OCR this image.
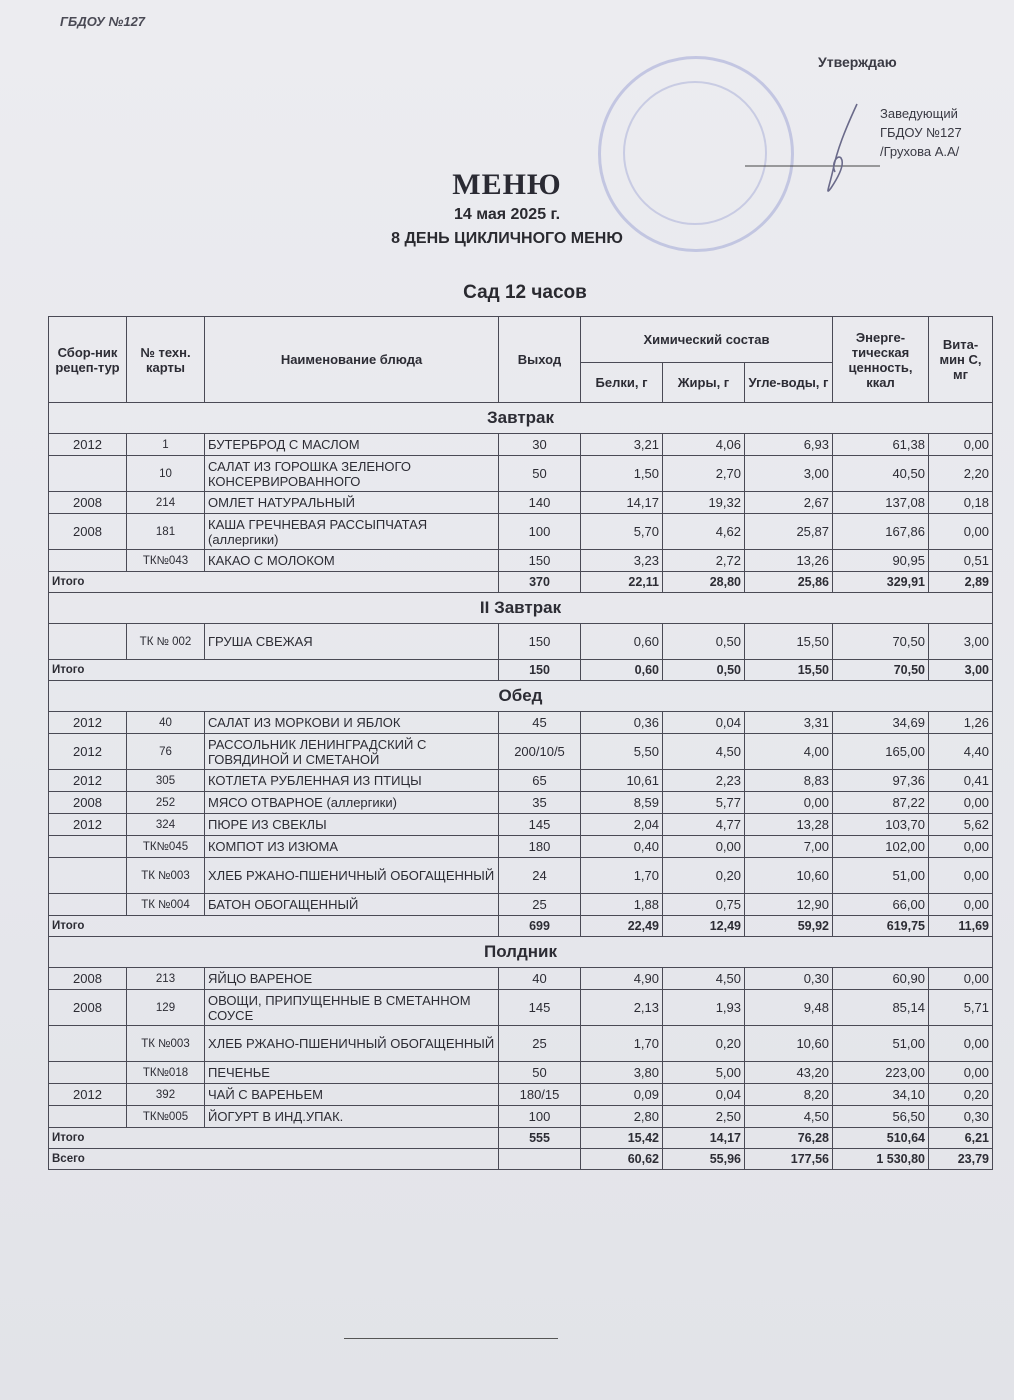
ГБДОУ №127
Утверждаю
Заведующий
ГБДОУ №127
/Грухова А.А/
МЕНЮ
14 мая 2025 г.
8 ДЕНЬ ЦИКЛИЧНОГО МЕНЮ
Сад 12 часов
Сбор-ник рецеп-тур	№ техн. карты	Наименование блюда	Выход	Химический состав			Энерге-тическая ценность, ккал	Вита-мин С, мг
				Белки, г	Жиры, г	Угле-воды, г		
Завтрак								
2012	1	БУТЕРБРОД С МАСЛОМ	30	3,21	4,06	6,93	61,38	0,00
	10	САЛАТ ИЗ ГОРОШКА ЗЕЛЕНОГО КОНСЕРВИРОВАННОГО	50	1,50	2,70	3,00	40,50	2,20
2008	214	ОМЛЕТ НАТУРАЛЬНЫЙ	140	14,17	19,32	2,67	137,08	0,18
2008	181	КАША ГРЕЧНЕВАЯ РАССЫПЧАТАЯ (аллергики)	100	5,70	4,62	25,87	167,86	0,00
	ТК№043	КАКАО С МОЛОКОМ	150	3,23	2,72	13,26	90,95	0,51
Итого			370	22,11	28,80	25,86	329,91	2,89
II Завтрак								
	ТК № 002	ГРУША СВЕЖАЯ	150	0,60	0,50	15,50	70,50	3,00
Итого			150	0,60	0,50	15,50	70,50	3,00
Обед								
2012	40	САЛАТ ИЗ МОРКОВИ И ЯБЛОК	45	0,36	0,04	3,31	34,69	1,26
2012	76	РАССОЛЬНИК ЛЕНИНГРАДСКИЙ С ГОВЯДИНОЙ И СМЕТАНОЙ	200/10/5	5,50	4,50	4,00	165,00	4,40
2012	305	КОТЛЕТА РУБЛЕННАЯ ИЗ ПТИЦЫ	65	10,61	2,23	8,83	97,36	0,41
2008	252	МЯСО ОТВАРНОЕ (аллергики)	35	8,59	5,77	0,00	87,22	0,00
2012	324	ПЮРЕ ИЗ СВЕКЛЫ	145	2,04	4,77	13,28	103,70	5,62
	ТК№045	КОМПОТ ИЗ ИЗЮМА	180	0,40	0,00	7,00	102,00	0,00
	ТК №003	ХЛЕБ РЖАНО-ПШЕНИЧНЫЙ ОБОГАЩЕННЫЙ	24	1,70	0,20	10,60	51,00	0,00
	ТК №004	БАТОН ОБОГАЩЕННЫЙ	25	1,88	0,75	12,90	66,00	0,00
Итого			699	22,49	12,49	59,92	619,75	11,69
Полдник								
2008	213	ЯЙЦО ВАРЕНОЕ	40	4,90	4,50	0,30	60,90	0,00
2008	129	ОВОЩИ, ПРИПУЩЕННЫЕ В СМЕТАННОМ СОУСЕ	145	2,13	1,93	9,48	85,14	5,71
	ТК №003	ХЛЕБ РЖАНО-ПШЕНИЧНЫЙ ОБОГАЩЕННЫЙ	25	1,70	0,20	10,60	51,00	0,00
	ТК№018	ПЕЧЕНЬЕ	50	3,80	5,00	43,20	223,00	0,00
2012	392	ЧАЙ С ВАРЕНЬЕМ	180/15	0,09	0,04	8,20	34,10	0,20
	ТК№005	ЙОГУРТ В ИНД.УПАК.	100	2,80	2,50	4,50	56,50	0,30
Итого			555	15,42	14,17	76,28	510,64	6,21
Всего				60,62	55,96	177,56	1 530,80	23,79
